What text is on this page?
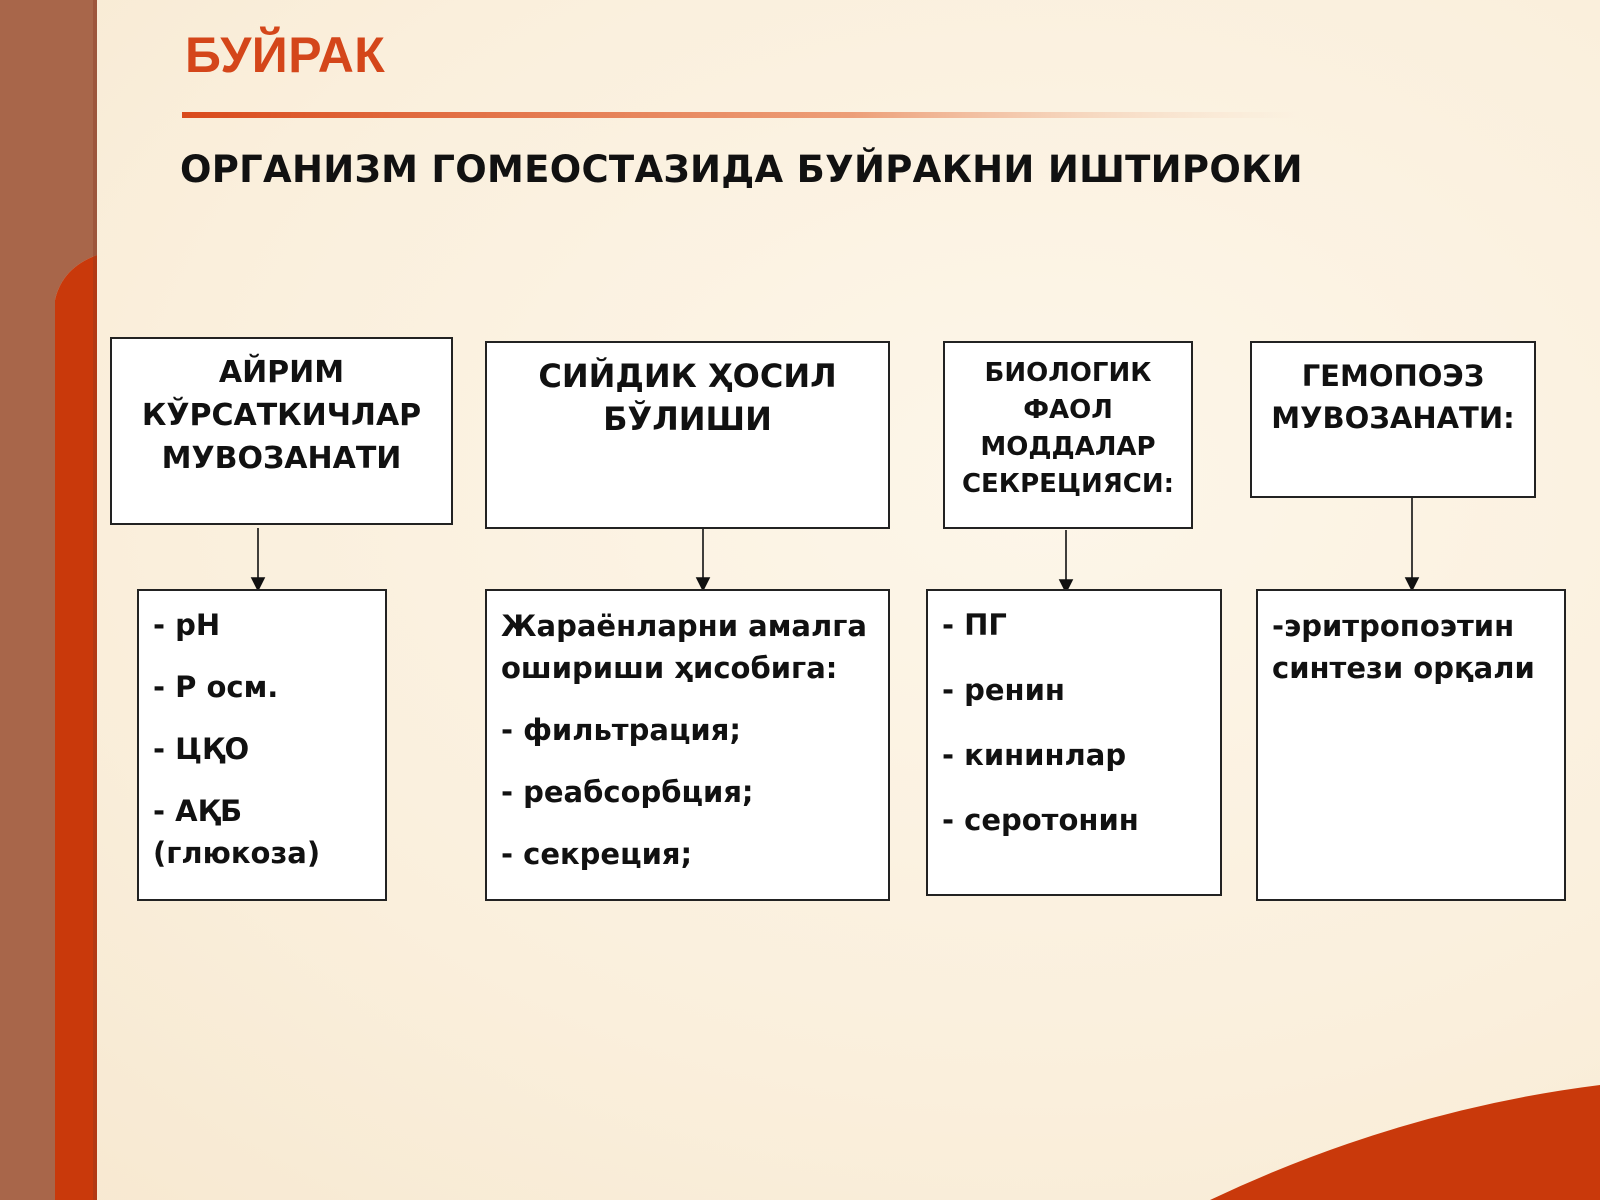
БУЙРАК
ОРГАНИЗМ ГОМЕОСТАЗИДА БУЙРАКНИ ИШТИРОКИ
АЙРИМ
КЎРСАТКИЧЛАР
МУВОЗАНАТИ

- pH

- Р осм.

- ЦҚО

- АҚБ

(глюкоза)

СИЙДИК ҲОСИЛ
БЎЛИШИ

Жараёнларни амалга

ошириши ҳисобига:

- фильтрация;

- реабсорбция;

- секреция;

БИОЛОГИК
ФАОЛ
МОДДАЛАР
СЕКРЕЦИЯСИ:

- ПГ

- ренин

- кининлар

- серотонин

ГЕМОПОЭЗ
МУВОЗАНАТИ:

-эритропоэтин

синтези орқали
